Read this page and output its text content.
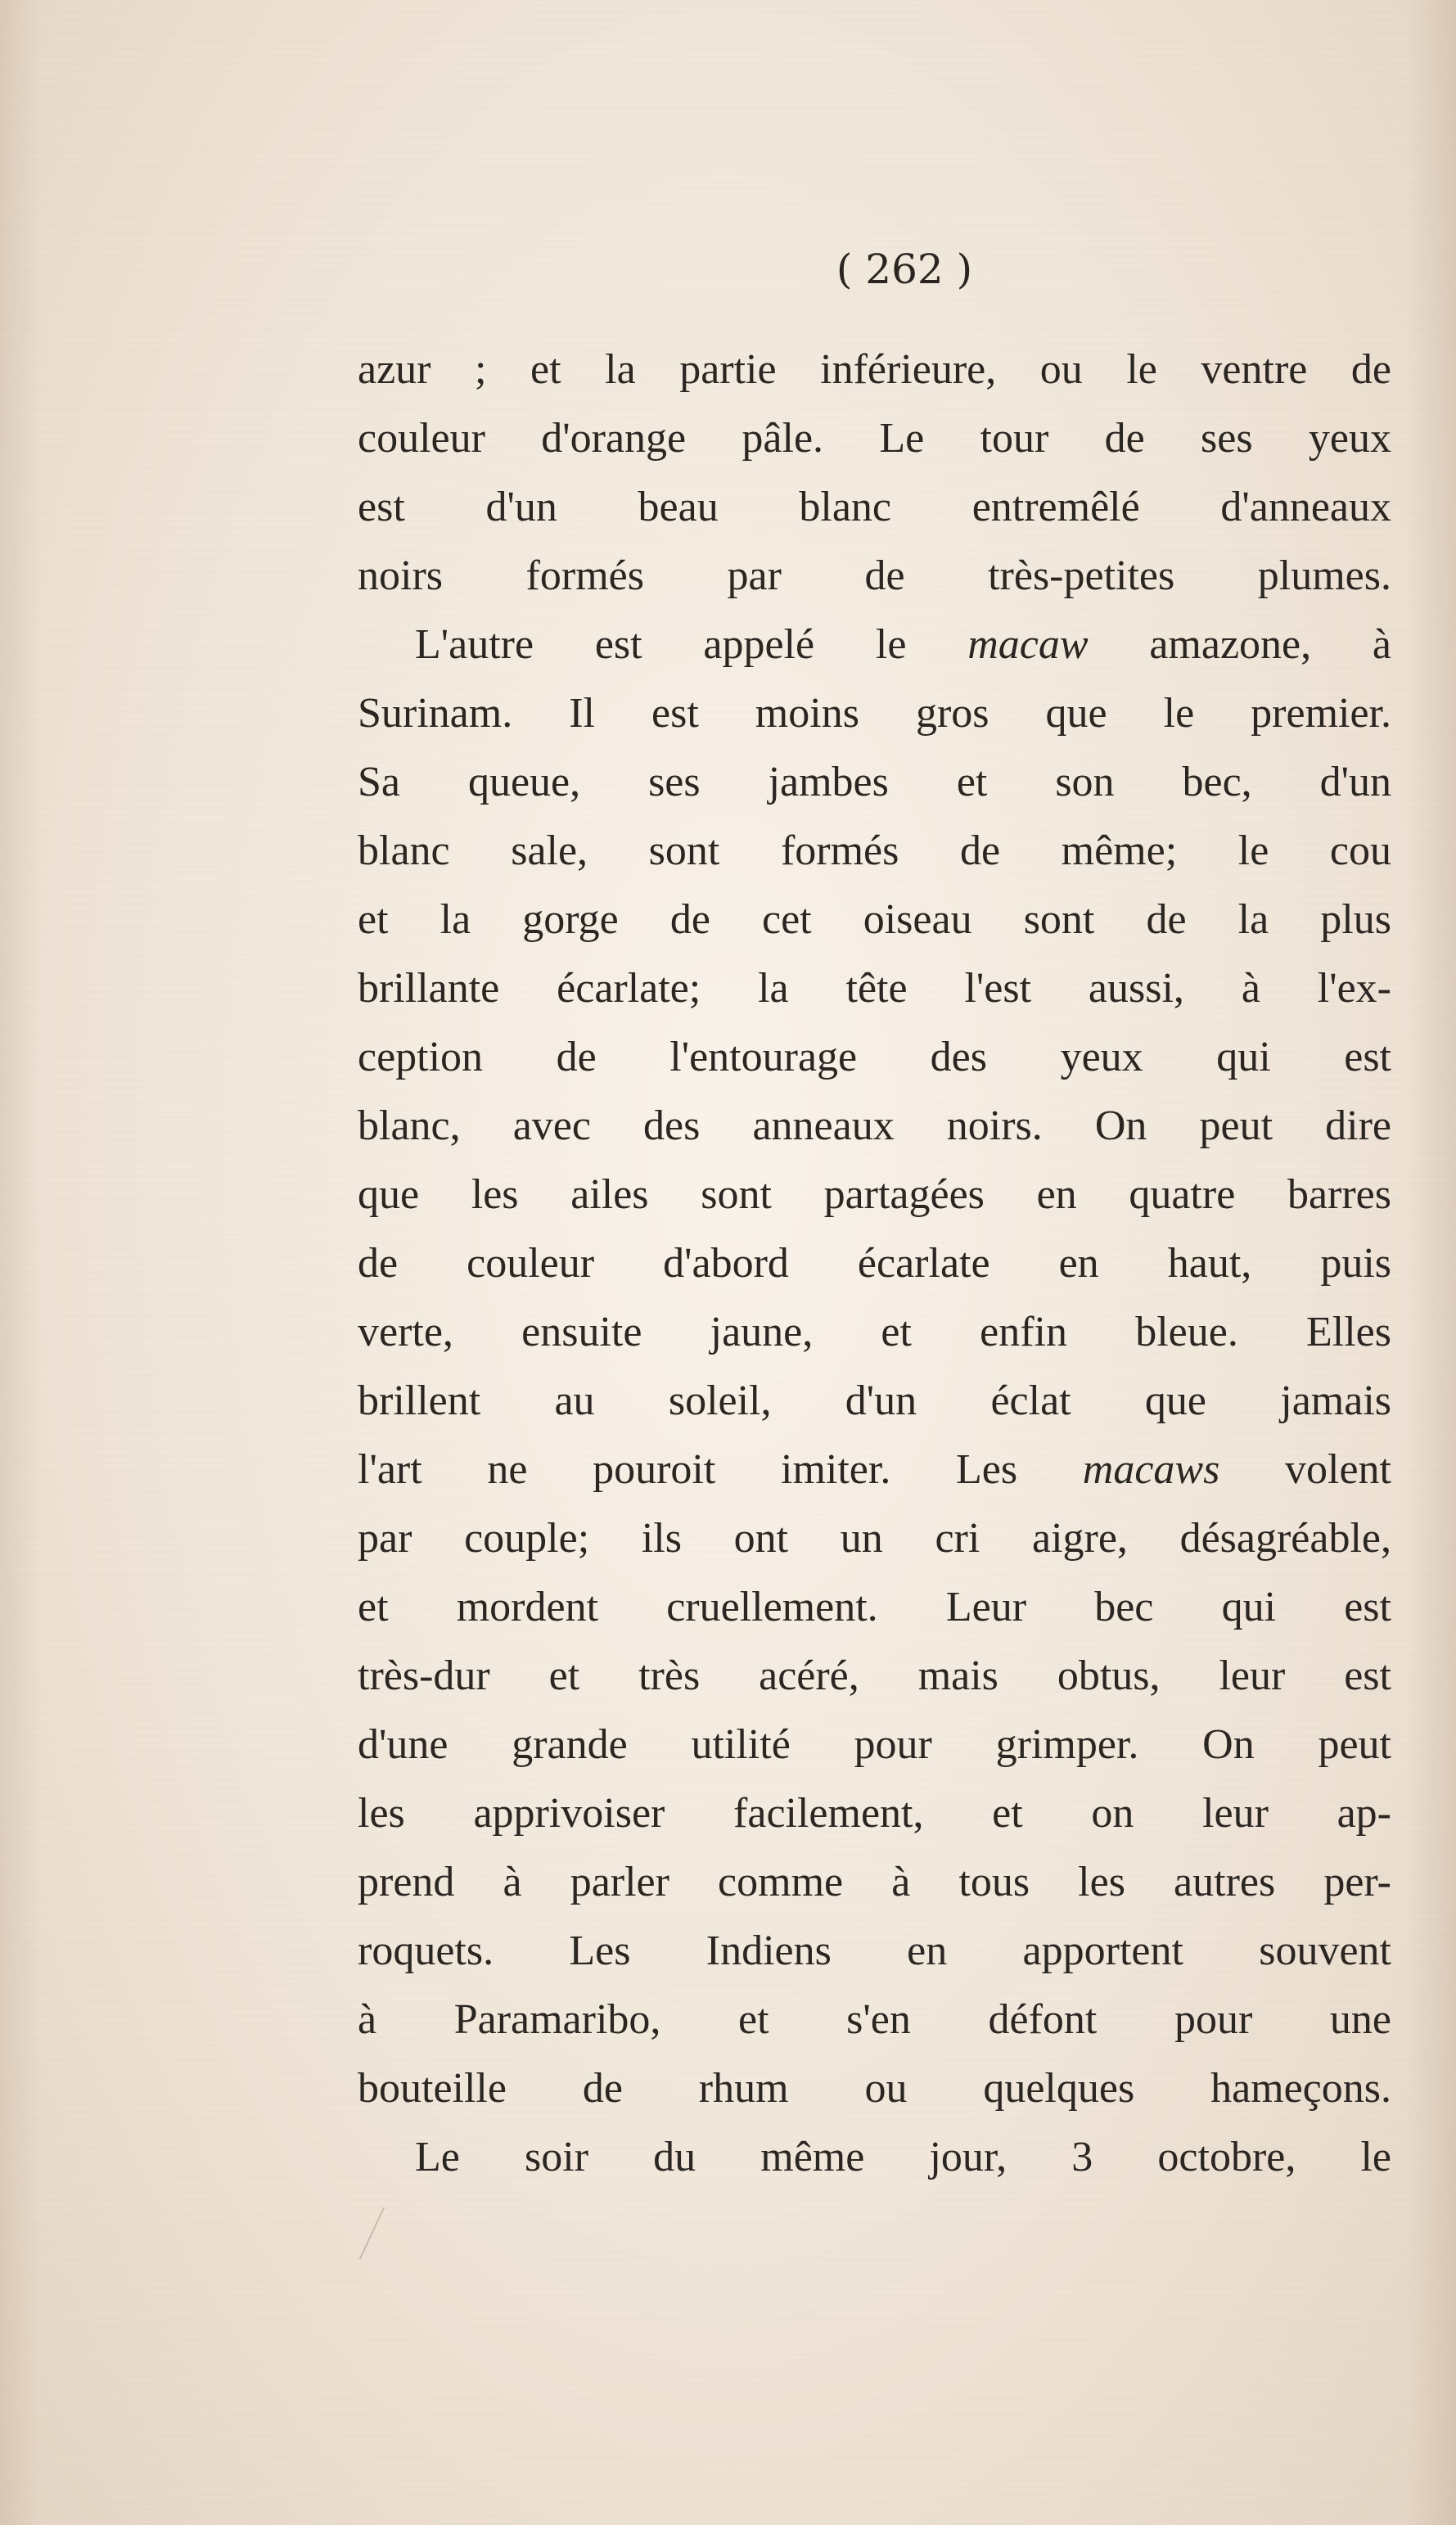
( 262 )
azur ; et la partie inférieure, ou le ventre de
couleur d'orange pâle. Le tour de ses yeux
est d'un beau blanc entremêlé d'anneaux
noirs formés par de très-petites plumes.
L'autre est appelé le macaw amazone, à
Surinam. Il est moins gros que le premier.
Sa queue, ses jambes et son bec, d'un
blanc sale, sont formés de même; le cou
et la gorge de cet oiseau sont de la plus
brillante écarlate; la tête l'est aussi, à l'ex-
ception de l'entourage des yeux qui est
blanc, avec des anneaux noirs. On peut dire
que les ailes sont partagées en quatre barres
de couleur d'abord écarlate en haut, puis
verte, ensuite jaune, et enfin bleue. Elles
brillent au soleil, d'un éclat que jamais
l'art ne pouroit imiter. Les macaws volent
par couple; ils ont un cri aigre, désagréable,
et mordent cruellement. Leur bec qui est
très-dur et très acéré, mais obtus, leur est
d'une grande utilité pour grimper. On peut
les apprivoiser facilement, et on leur ap-
prend à parler comme à tous les autres per-
roquets. Les Indiens en apportent souvent
à Paramaribo, et s'en défont pour une
bouteille de rhum ou quelques hameçons.
Le soir du même jour, 3 octobre, le
